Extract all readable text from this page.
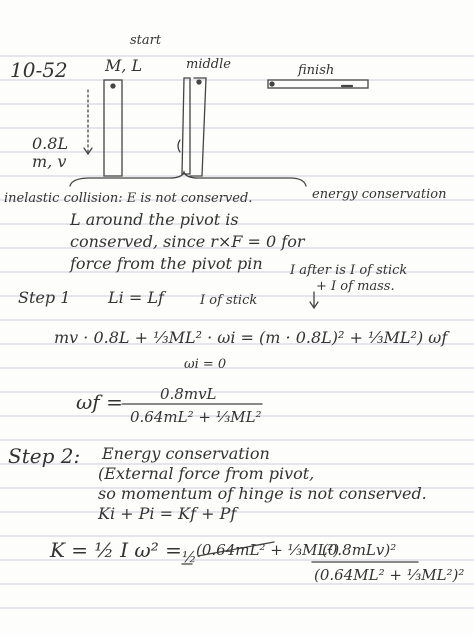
10-52
start
M, L	middle	finish
0.8L
m, v
inelastic collision: E is not conserved.
L around the pivot is
conserved, since r×F = 0 for
force from the pivot pin
energy conservation
Step 1 Li = Lf	I of stick
I after is I of stick
+ I of mass.
mv · 0.8L + ⅓ML² · ωi = (m · 0.8L)² + ⅓ML²) ωf
ωi = 0
ωf = 0.8mvL
0.64mL² + ⅓ML²
Step 2: Energy conservation
(External force from pivot,
so momentum of hinge is not conserved.
Ki + Pi = Kf + Pf
K = ½ I ω² = ½ (0.64mL² + ⅓ML²)
(0.8mLv)²
(0.64ML² + ⅓ML²)²
